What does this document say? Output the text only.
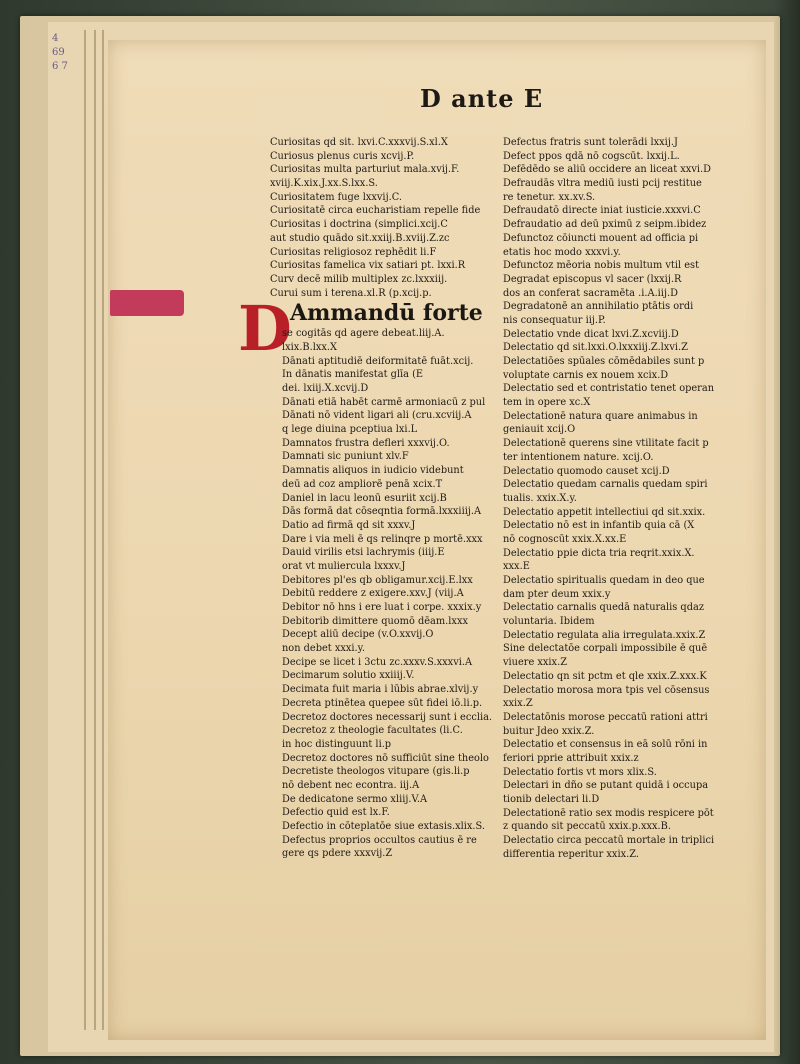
4 69 6 7
D ante E
D
Curiositas qd sit. lxvi.C.xxxvij.S.xl.X
Curiosus plenus curis xcvij.P.
Curiositas multa parturiut mala.xvij.F.
xviij.K.xix.J.xx.S.lxx.S.
Curiositatem fuge lxxvij.C.
Curiositatē circa eucharistiam repelle fide
Curiositas i doctrina (simplici.xcij.C
aut studio quādo sit.xxiij.B.xviij.Z.zc
Curiositas religiosoz rephēdit li.F
Curiositas famelica vix satiari pt. lxxi.R
Curv decē milib multiplex zc.lxxxiij.
Curui sum i terena.xl.R (p.xcij.p.
Ammandū forte
se cogitās qd agere debeat.liij.A.
lxix.B.lxx.X
Dānati aptitudiē deiformitatē fuāt.xcij.
In dānatis manifestat glīa (E
dei. lxiij.X.xcvij.D
Dānati etiā habēt carmē armoniacū z pul
Dānati nō vident ligari ali (cru.xcviij.A
q lege diuina pceptiua lxi.L
Damnatos frustra defleri xxxvij.O.
Damnati sic puniunt xlv.F
Damnatis aliquos in iudicio videbunt
deū ad coz ampliorē penā xcix.T
Daniel in lacu leonū esuriit xcij.B
Dās formā dat cōseqntia formā.lxxxiiij.A
Datio ad firmā qd sit xxxv.J
Dare i via meli ē qs relinqre p mortē.xxx
Dauid virilis etsi lachrymis (iiij.E
orat vt muliercula lxxxv.J
Debitores pl'es qb obligamur.xcij.E.lxx
Debitū reddere z exigere.xxv.J (viij.A
Debitor nō hns i ere luat i corpe. xxxix.y
Debitorib dimittere quomō dēam.lxxx
Decept aliū decipe (v.O.xxvij.O
non debet xxxi.y.
Decipe se licet i 3ctu zc.xxxv.S.xxxvi.A
Decimarum solutio xxiiij.V.
Decimata fuit maria i lūbis abrae.xlvij.y
Decreta ptinētea quepee sūt fidei iō.li.p.
Decretoz doctores necessarij sunt i ecclia.
Decretoz z theologie facultates (li.C.
in hoc distinguunt li.p
Decretoz doctores nō sufficiūt sine theolo
Decretiste theologos vitupare (gis.li.p
nō debent nec econtra. iij.A
De dedicatone sermo xliij.V.A
Defectio quid est lx.F.
Defectio in cōteplatōe siue extasis.xlix.S.
Defectus proprios occultos cautius ē re
gere qs pdere xxxvij.Z
Defectus fratris sunt tolerādi lxxij.J
Defect ppos qdā nō cogscūt. lxxij.L.
Defēdēdo se aliū occidere an liceat xxvi.D
Defraudās vltra mediū iusti pcij restitue
re tenetur. xx.xv.S.
Defraudatō directe iniat iusticie.xxxvi.C
Defraudatio ad deū pximū z seipm.ibidez
Defunctoz cōiuncti mouent ad officia pi
etatis hoc modo xxxvi.y.
Defunctoz mēoria nobis multum vtil est
Degradat episcopus vl sacer (lxxij.R
dos an conferat sacramēta .i.A.iij.D
Degradatonē an annihilatio ptātis ordi
nis consequatur iij.P.
Delectatio vnde dicat lxvi.Z.xcviij.D
Delectatio qd sit.lxxi.O.lxxxiij.Z.lxvi.Z
Delectatiōes spūales cōmēdabiles sunt p
voluptate carnis ex nouem xcix.D
Delectatio sed et contristatio tenet operan
tem in opere xc.X
Delectationē natura quare animabus in
geniauit xcij.O
Delectationē querens sine vtilitate facit p
ter intentionem nature. xcij.O.
Delectatio quomodo causet xcij.D
Delectatio quedam carnalis quedam spiri
tualis. xxix.X.y.
Delectatio appetit intellectiui qd sit.xxix.
Delectatio nō est in infantib quia cā (X
nō cognoscūt xxix.X.xx.E
Delectatio ppie dicta tria reqrit.xxix.X.
xxx.E
Delectatio spiritualis quedam in deo que
dam pter deum xxix.y
Delectatio carnalis quedā naturalis qdaz
voluntaria. Ibidem
Delectatio regulata alia irregulata.xxix.Z
Sine delectatōe corpali impossibile ē quē
viuere xxix.Z
Delectatio qn sit pctm et qle xxix.Z.xxx.K
Delectatio morosa mora tpis vel cōsensus
xxix.Z
Delectatōnis morose peccatū rationi attri
buitur Jdeo xxix.Z.
Delectatio et consensus in eā solū rōni in
feriori pprie attribuit xxix.z
Delectatio fortis vt mors xlix.S.
Delectari in dño se putant quidā i occupa
tionib delectari li.D
Delectationē ratio sex modis respicere pōt
z quando sit peccatū xxix.p.xxx.B.
Delectatio circa peccatū mortale in triplici
differentia reperitur xxix.Z.
